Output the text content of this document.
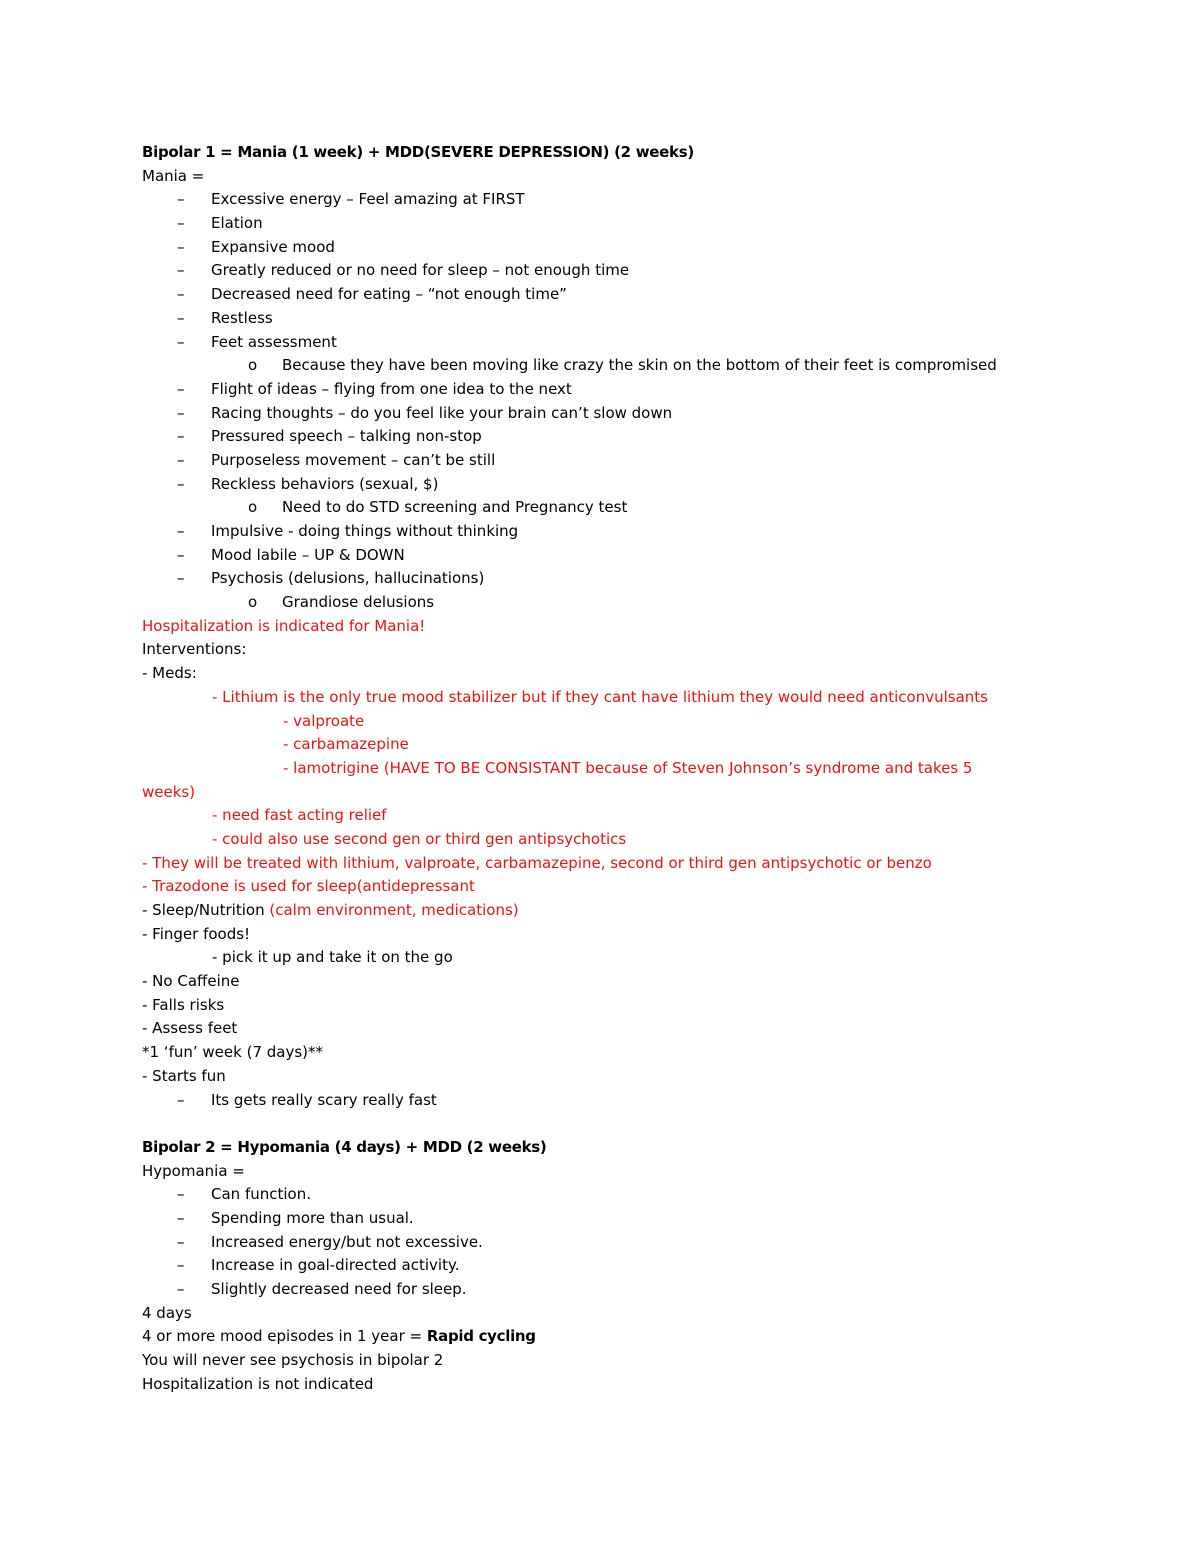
Bipolar 1 = Mania (1 week) + MDD(SEVERE DEPRESSION) (2 weeks)
Mania =
– Excessive energy – Feel amazing at FIRST
– Elation
– Expansive mood
– Greatly reduced or no need for sleep – not enough time
– Decreased need for eating – “not enough time”
– Restless
– Feet assessment
o Because they have been moving like crazy the skin on the bottom of their feet is compromised
– Flight of ideas – flying from one idea to the next
– Racing thoughts – do you feel like your brain can’t slow down
– Pressured speech – talking non-stop
– Purposeless movement – can’t be still
– Reckless behaviors (sexual, $)
o Need to do STD screening and Pregnancy test
– Impulsive - doing things without thinking
– Mood labile – UP & DOWN
– Psychosis (delusions, hallucinations)
o Grandiose delusions
Hospitalization is indicated for Mania!
Interventions:
- Meds:
- Lithium is the only true mood stabilizer but if they cant have lithium they would need anticonvulsants
- valproate
- carbamazepine
- lamotrigine (HAVE TO BE CONSISTANT because of Steven Johnson’s syndrome and takes 5
weeks)
- need fast acting relief
- could also use second gen or third gen antipsychotics
- They will be treated with lithium, valproate, carbamazepine, second or third gen antipsychotic or benzo
- Trazodone is used for sleep(antidepressant
- Sleep/Nutrition (calm environment, medications)
- Finger foods!
- pick it up and take it on the go
- No Caffeine
- Falls risks
- Assess feet
*1 ‘fun’ week (7 days)**
- Starts fun
– Its gets really scary really fast
Bipolar 2 = Hypomania (4 days) + MDD (2 weeks)
Hypomania =
– Can function.
– Spending more than usual.
– Increased energy/but not excessive.
– Increase in goal-directed activity.
– Slightly decreased need for sleep.
4 days
4 or more mood episodes in 1 year = Rapid cycling
You will never see psychosis in bipolar 2
Hospitalization is not indicated
